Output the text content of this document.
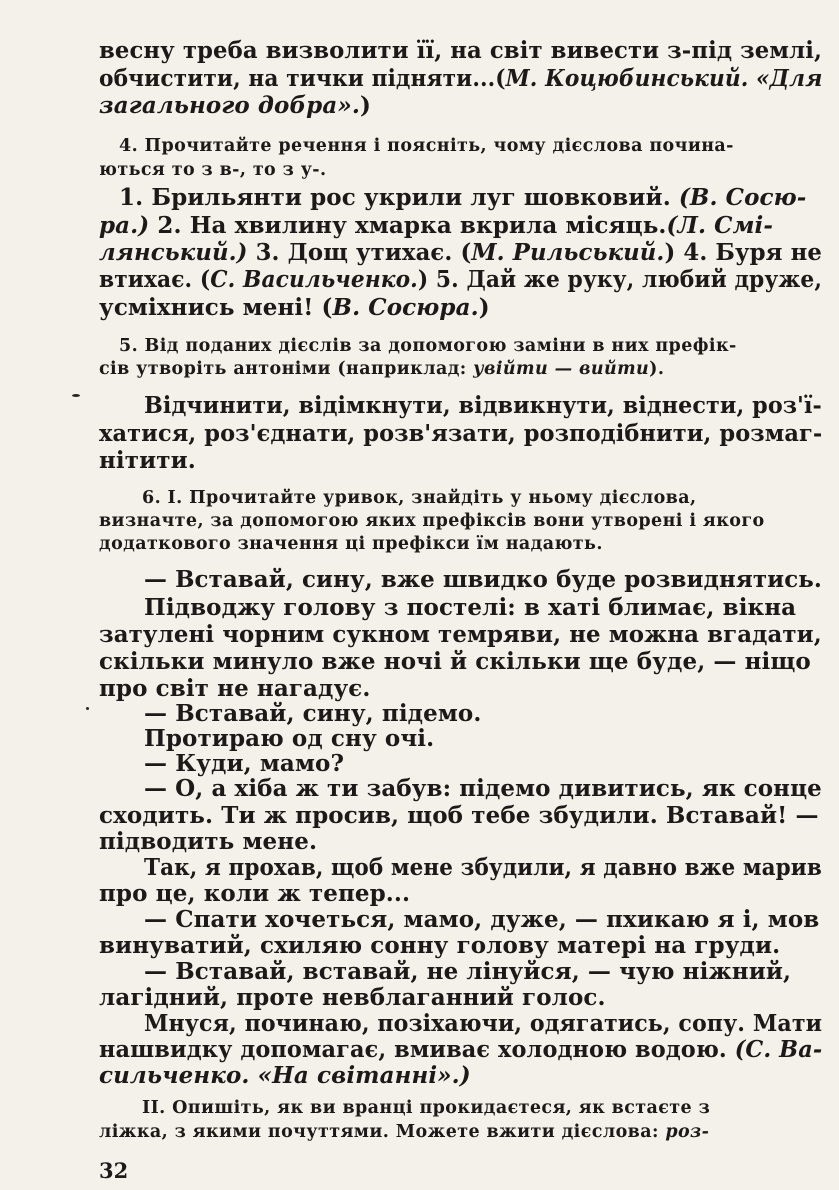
весну треба визволити її, на світ вивести з-під землі,
обчистити, на тички підняти...(М. Коцюбинський. «Для
загального добра».)
4. Прочитайте речення і поясніть, чому дієслова починa-
ються то з в-, то з у-.
1. Брильянти рос укрили луг шовковий. (В. Сосю-
ра.) 2. На хвилину хмарка вкрила місяць.(Л. Смі-
лянський.) 3. Дощ утихає. (М. Рильський.) 4. Буря не
втихає. (С. Васильченко.) 5. Дай же руку, любий друже,
усміхнись мені! (В. Сосюра.)
5. Від поданих дієслів за допомогою заміни в них префік-
сів утворіть антоніми (наприклад: увійти — вийти).
Відчинити, відімкнути, відвикнути, віднести, роз'ї-
хатися, роз'єднати, розв'язати, розподібнити, розмаг-
нітити.
6. І. Прочитайте уривок, знайдіть у ньому дієслова,
визначте, за допомогою яких префіксів вони утворені і якого
додаткового значення ці префікси їм надають.
— Вставай, сину, вже швидко буде розвиднятись.
Підводжу голову з постелі: в хаті блимає, вікна
затулені чорним сукном темряви, не можна вгадати,
скільки минуло вже ночі й скільки ще буде, — ніщо
про світ не нагадує.
— Вставай, сину, підемо.
Протираю од сну очі.
— Куди, мамо?
— О, а хіба ж ти забув: підемо дивитись, як сонце
сходить. Ти ж просив, щоб тебе збудили. Вставай! —
підводить мене.
Так, я прохав, щоб мене збудили, я давно вже марив
про це, коли ж тепер...
— Спати хочеться, мамо, дуже, — пхикаю я і, мов
винуватий, схиляю сонну голову матері на груди.
— Вставай, вставай, не лінуйся, — чую ніжний,
лагідний, проте невблаганний голос.
Мнуся, починаю, позіхаючи, одягатись, сопу. Мати
нашвидку допомагає, вмиває холодною водою. (С. Ва-
сильченко. «На світанні».)
II. Опишіть, як ви вранці прокидаєтеся, як встаєте з
ліжка, з якими почуттями. Можете вжити дієслова: роз-
32
